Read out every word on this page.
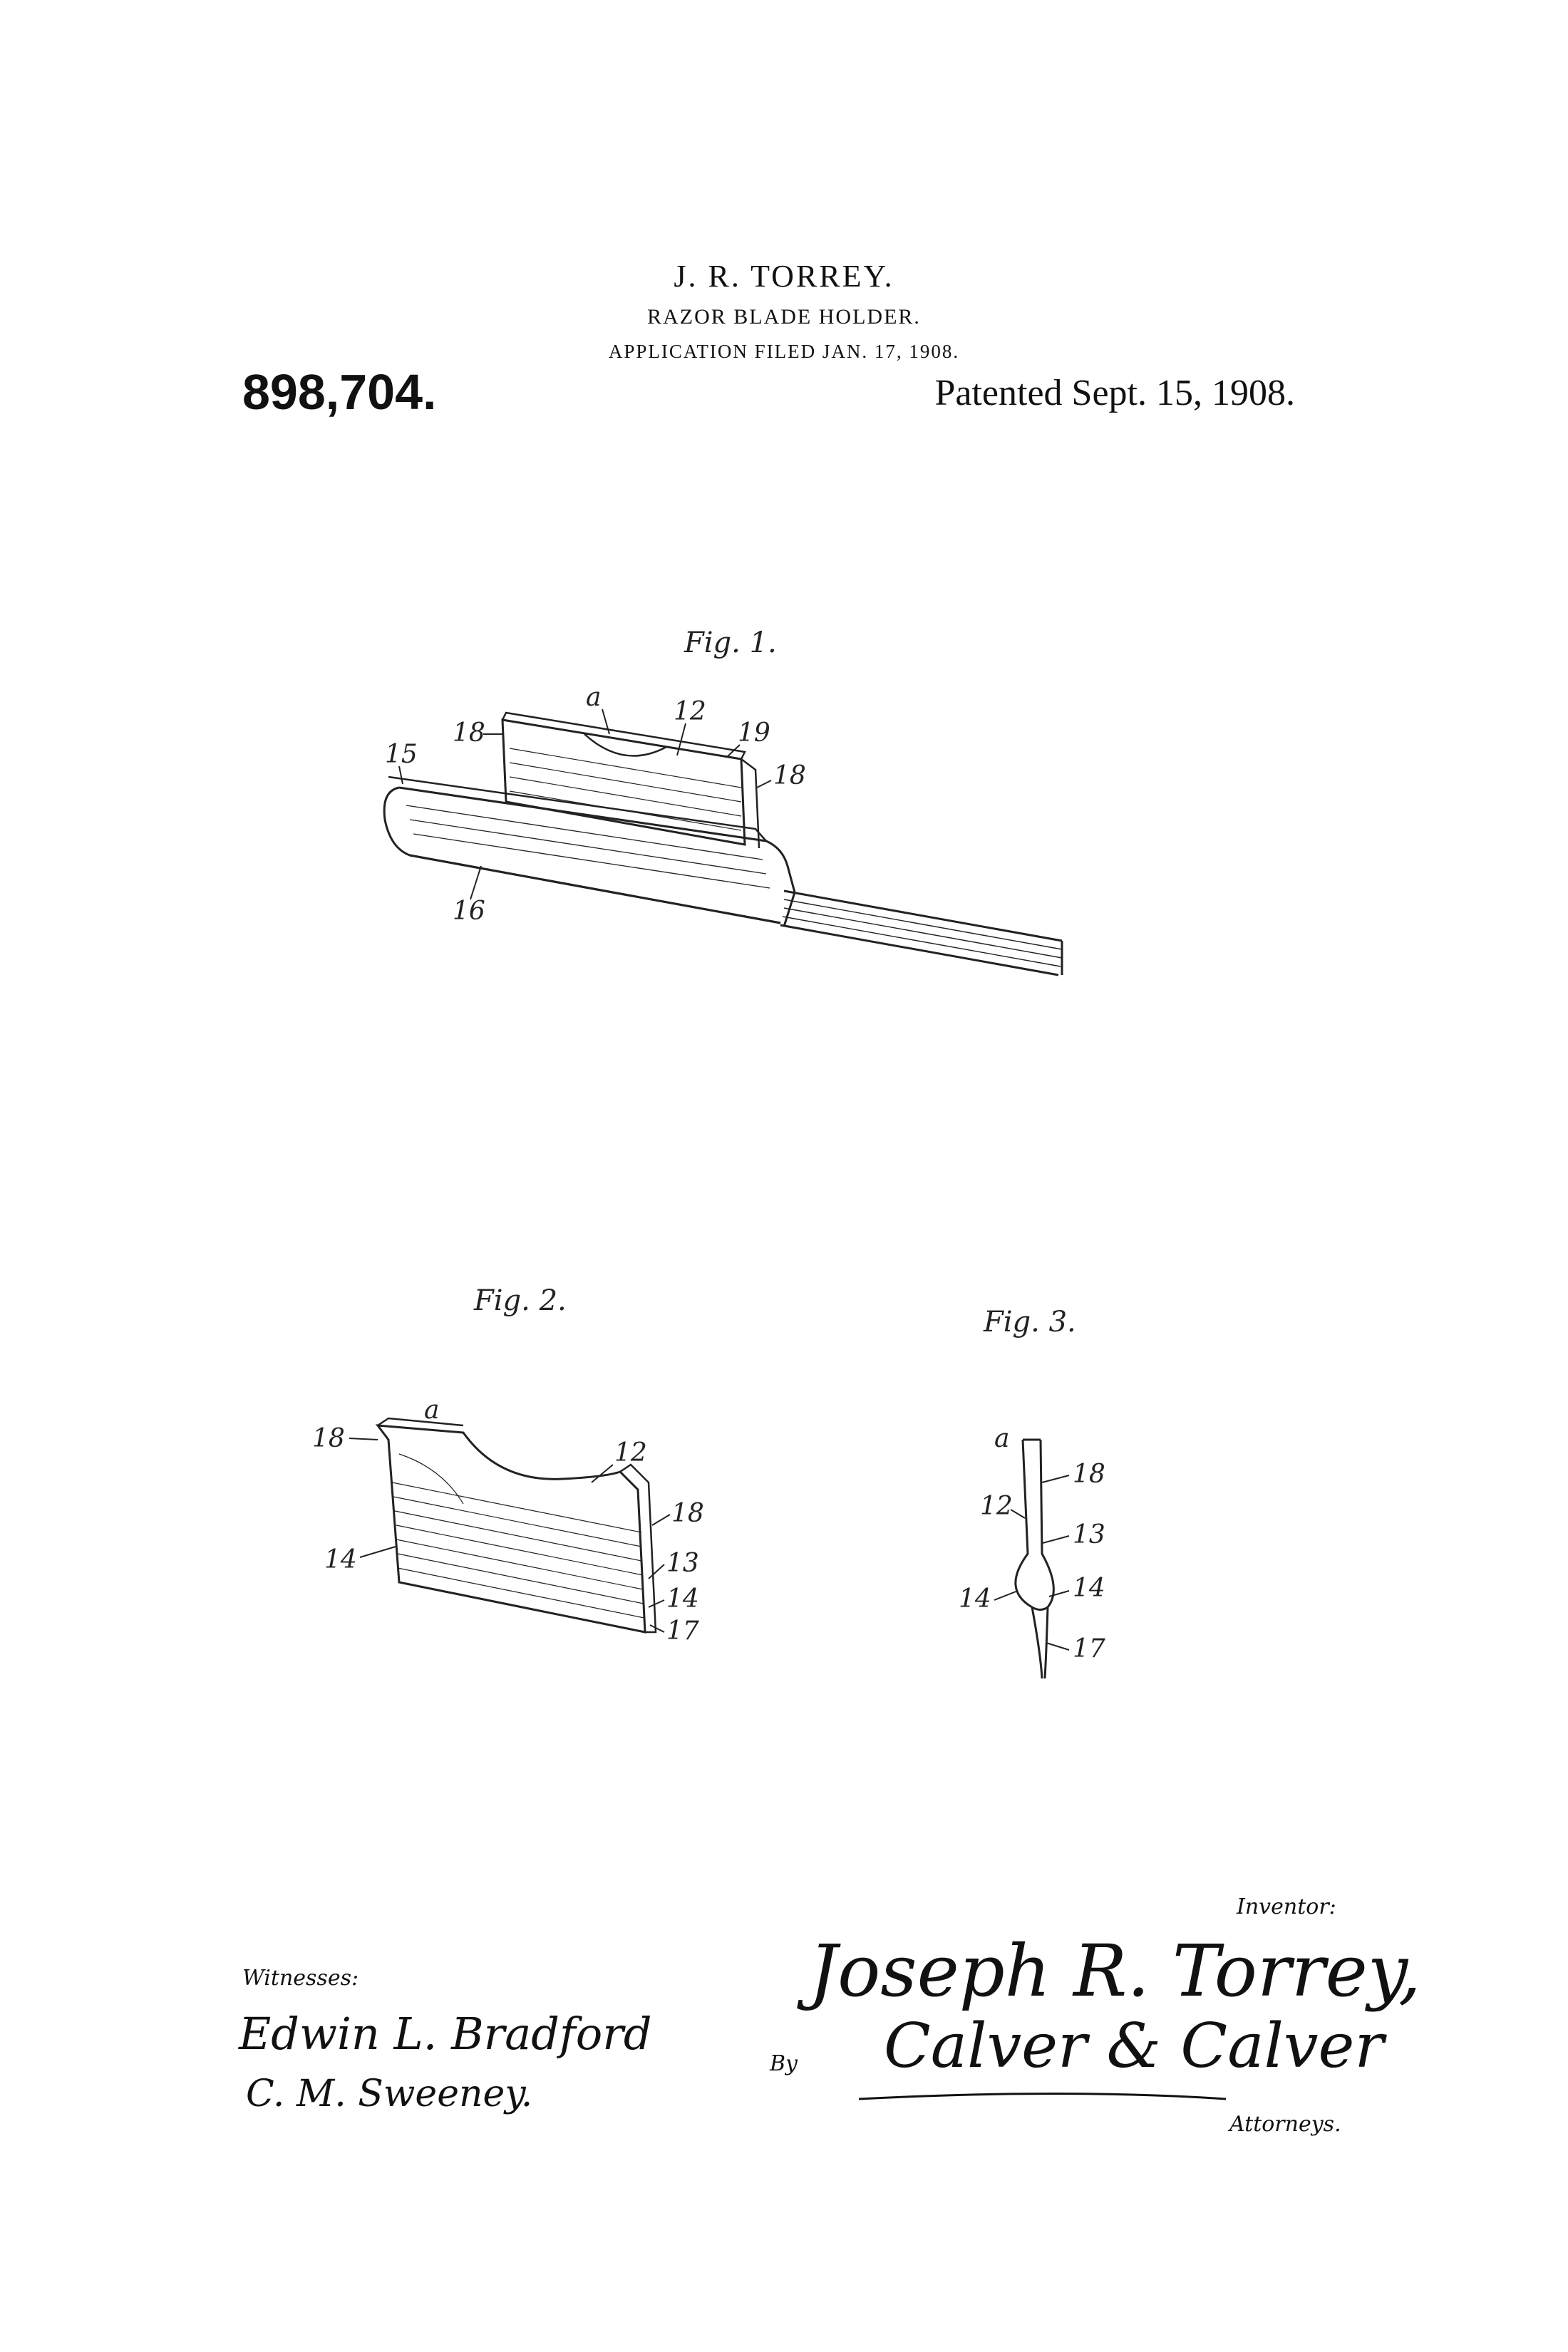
J. R. TORREY.
RAZOR BLADE HOLDER.
APPLICATION FILED JAN. 17, 1908.
898,704.	Patented Sept. 15, 1908.
Fig. 1.
a	12
18	19
18
15
16
Fig. 2.
a
18	12
18
14	13
14
17
Fig. 3.
a
18
12
13
14	14
17
Witnesses:
Edwin L. Bradford
C. M. Sweeney.
Inventor:
Joseph R. Torrey,
By Calver & Calver
Attorneys.
